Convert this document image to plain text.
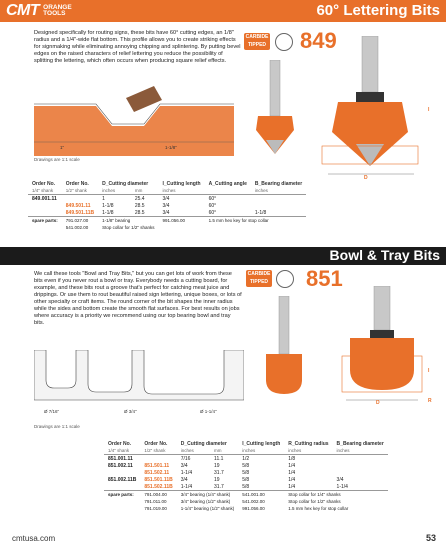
CMT ORANGE
TOOLS	60° Lettering Bits
Designed specifically for routing signs, these bits have 60° cutting edges, an 1/8" radius and a 1/4"-wide flat bottom. This profile allows you to create striking effects for signmaking while eliminating annoying chipping and splintering. By putting bevel edges on the raised characters of relief lettering you reduce the possibility of splitting the lettering, which often occurs when producing square relief effects.
CARBIDE TIPPED 849
1"	1-1/8"
Drawings are 1:1 scale
I
D
Order No.	Order No.	D_Cutting diameter		I_Cutting length	A_Cutting angle	B_Bearing diameter
1/4" shank	1/2" shank	inches	mm	inches		inches
849.001.11		1	25.4	3/4	60°	
	849.501.11	1-1/8	28.5	3/4	60°	
	849.501.11B	1-1/8	28.5	3/4	60°	1-1/8
spare parts:	791.027.00	1-1/8" bearing		991.056.00	1.5 mm hex key for stop collar	
	541.002.00	Stop collar for 1/2" shanks				
Bowl & Tray Bits
We call these tools "Bowl and Tray Bits," but you can get lots of work from these bits even if you never rout a bowl or tray. Everybody needs a cutting board, for example, and these bits rout a groove that's perfect for catching meat juice and drippings. Or use them to rout beautiful raised sign lettering, unique boxes, or lots of other specialty or craft items. The round corner of the bit shapes the inner radius while the sides and bottom create the smooth flat surfaces. For best results on jobs where accuracy is a priority we recommend using our top bearing bowl and tray bits.
CARBIDE TIPPED 851
Ø 7/16"	Ø 3/4"	Ø 1-1/4"
Drawings are 1:1 scale
I
R
D
Order No.	Order No.	D_Cutting diameter		I_Cutting length	R_Cutting radius	B_Bearing diameter
1/4" shank	1/2" shank	inches	mm	inches	inches	inches
851.001.11		7/16	11.1	1/2	1/8	
851.002.11	851.501.11	3/4	19	5/8	1/4	
	851.502.11	1-1/4	31.7	5/8	1/4	
851.002.11B	851.501.11B	3/4	19	5/8	1/4	3/4
	851.502.11B	1-1/4	31.7	5/8	1/4	1-1/4
spare parts:	791.004.00	3/4" bearing (1/4" shank)		541.001.00	Stop collar for 1/4" shanks	
	791.011.00	3/4" bearing (1/2" shank)		541.002.00	Stop collar for 1/2" shanks	
	791.019.00	1-1/4" bearing (1/2" shank)		991.056.00	1.5 mm hex key for stop collar	
cmtusa.com	53
